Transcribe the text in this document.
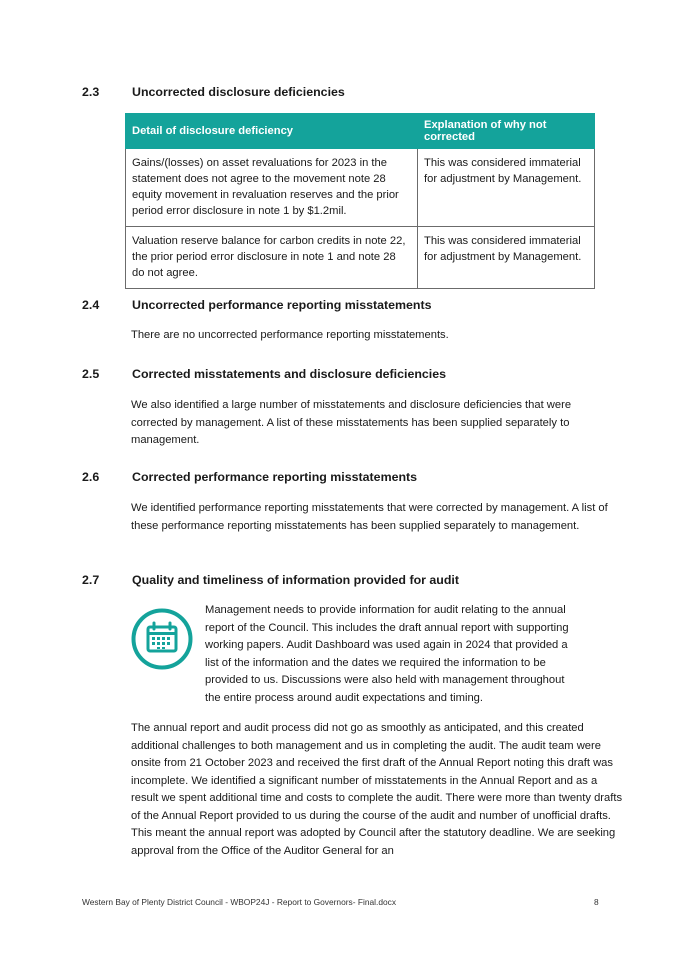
2.3	Uncorrected disclosure deficiencies
Detail of disclosure deficiency	Explanation of why not corrected
Gains/(losses) on asset revaluations for 2023 in the statement does not agree to the movement note 28 equity movement in revaluation reserves and the prior period error disclosure in note 1 by $1.2mil.	This was considered immaterial for adjustment by Management.
Valuation reserve balance for carbon credits in note 22, the prior period error disclosure in note 1 and note 28 do not agree.	This was considered immaterial for adjustment by Management.
2.4	Uncorrected performance reporting misstatements
There are no uncorrected performance reporting misstatements.
2.5	Corrected misstatements and disclosure deficiencies
We also identified a large number of misstatements and disclosure deficiencies that were corrected by management. A list of these misstatements has been supplied separately to management.
2.6	Corrected performance reporting misstatements
We identified performance reporting misstatements that were corrected by management. A list of these performance reporting misstatements has been supplied separately to management.
2.7	Quality and timeliness of information provided for audit
Management needs to provide information for audit relating to the annual
report of the Council. This includes the draft annual report with supporting
working papers. Audit Dashboard was used again in 2024 that provided a
list of the information and the dates we required the information to be
provided to us. Discussions were also held with management throughout
the entire process around audit expectations and timing.
The annual report and audit process did not go as smoothly as anticipated, and this created additional challenges to both management and us in completing the audit. The audit team were onsite from 21 October 2023 and received the first draft of the Annual Report noting this draft was incomplete. We identified a significant number of misstatements in the Annual Report and as a result we spent additional time and costs to complete the audit. There were more than twenty drafts of the Annual Report provided to us during the course of the audit and number of unofficial drafts. This meant the annual report was adopted by Council after the statutory deadline. We are seeking approval from the Office of the Auditor General for an
Western Bay of Plenty District Council - WBOP24J - Report to Governors- Final.docx	8
